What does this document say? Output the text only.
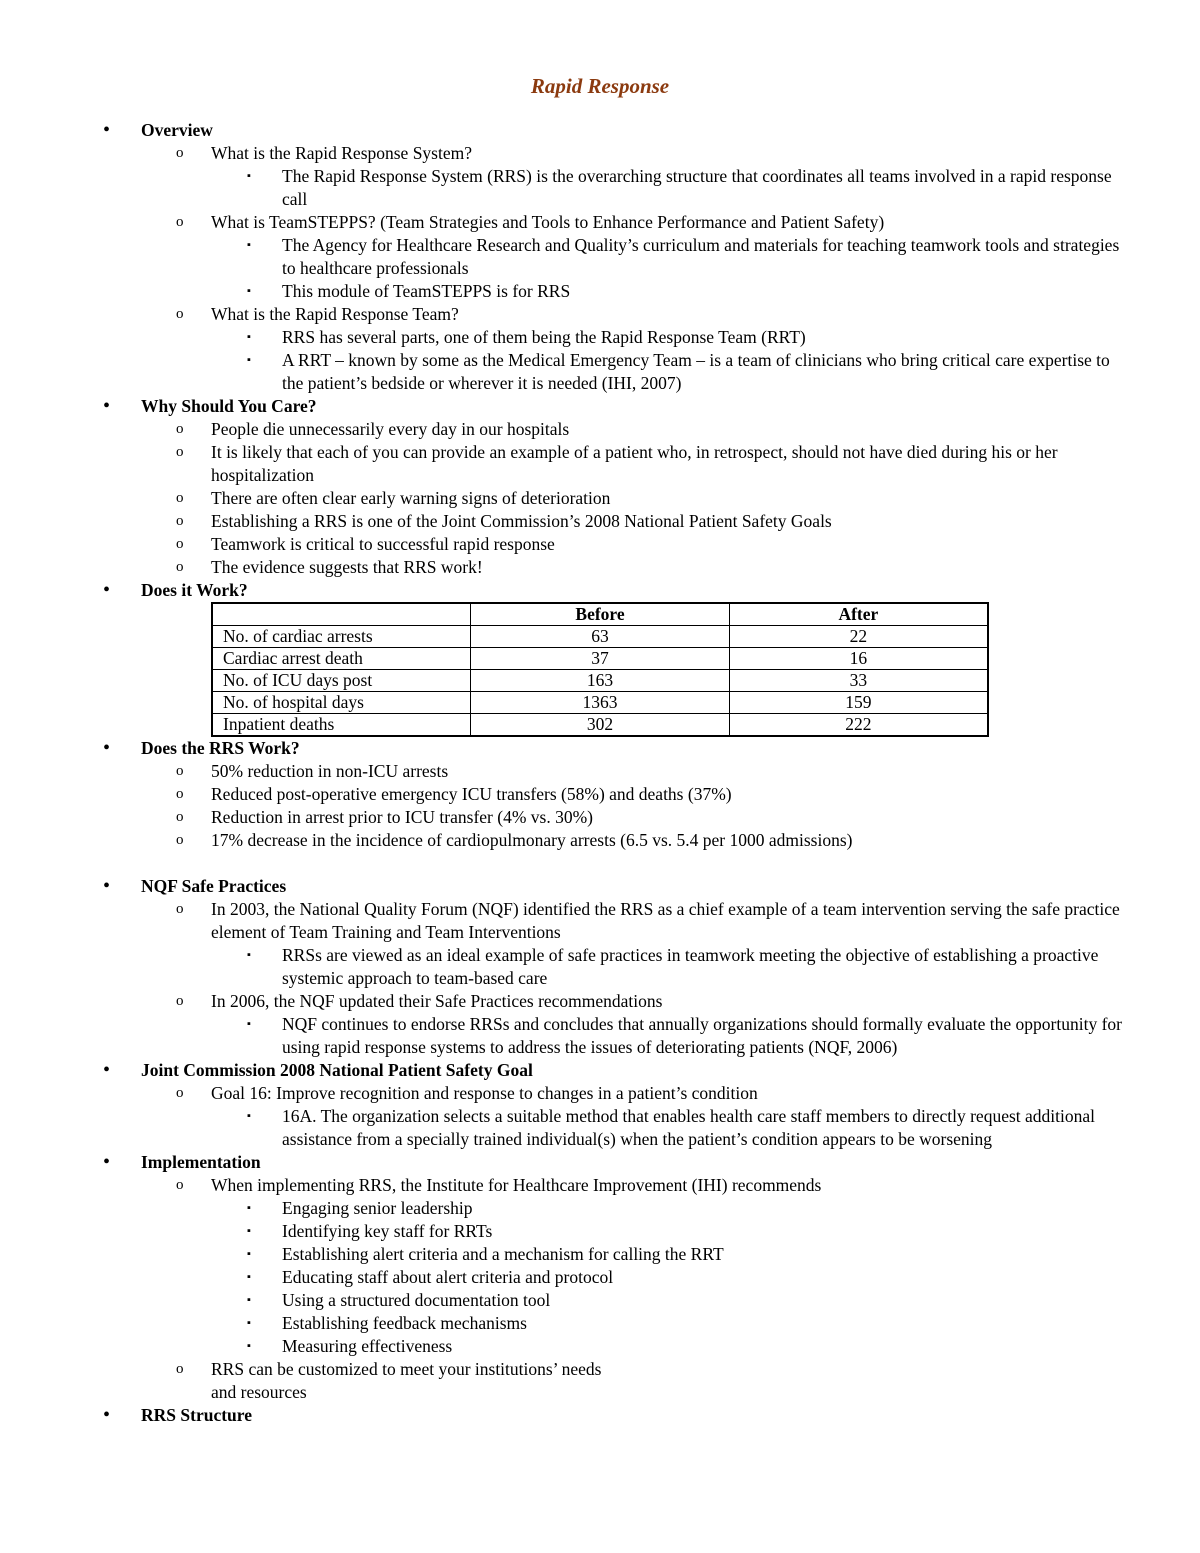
Rapid Response
• Overview
o What is the Rapid Response System?
▪ The Rapid Response System (RRS) is the overarching structure that coordinates all teams involved in a rapid response call
o What is TeamSTEPPS? (Team Strategies and Tools to Enhance Performance and Patient Safety)
▪ The Agency for Healthcare Research and Quality’s curriculum and materials for teaching teamwork tools and strategies to healthcare professionals
▪ This module of TeamSTEPPS is for RRS
o What is the Rapid Response Team?
▪ RRS has several parts, one of them being the Rapid Response Team (RRT)
▪ A RRT – known by some as the Medical Emergency Team – is a team of clinicians who bring critical care expertise to the patient’s bedside or wherever it is needed (IHI, 2007)
• Why Should You Care?
o People die unnecessarily every day in our hospitals
o It is likely that each of you can provide an example of a patient who, in retrospect, should not have died during his or her hospitalization
o There are often clear early warning signs of deterioration
o Establishing a RRS is one of the Joint Commission’s 2008 National Patient Safety Goals
o Teamwork is critical to successful rapid response
o The evidence suggests that RRS work!
• Does it Work?
	Before	After
No. of cardiac arrests	63	22
Cardiac arrest death	37	16
No. of ICU days post	163	33
No. of hospital days	1363	159
Inpatient deaths	302	222
• Does the RRS Work?
o 50% reduction in non-ICU arrests
o Reduced post-operative emergency ICU transfers (58%) and deaths (37%)
o Reduction in arrest prior to ICU transfer (4% vs. 30%)
o 17% decrease in the incidence of cardiopulmonary arrests (6.5 vs. 5.4 per 1000 admissions)
• NQF Safe Practices
o In 2003, the National Quality Forum (NQF) identified the RRS as a chief example of a team intervention serving the safe practice element of Team Training and Team Interventions
▪ RRSs are viewed as an ideal example of safe practices in teamwork meeting the objective of establishing a proactive systemic approach to team-based care
o In 2006, the NQF updated their Safe Practices recommendations
▪ NQF continues to endorse RRSs and concludes that annually organizations should formally evaluate the opportunity for using rapid response systems to address the issues of deteriorating patients (NQF, 2006)
• Joint Commission 2008 National Patient Safety Goal
o Goal 16: Improve recognition and response to changes in a patient’s condition
▪ 16A. The organization selects a suitable method that enables health care staff members to directly request additional assistance from a specially trained individual(s) when the patient’s condition appears to be worsening
• Implementation
o When implementing RRS, the Institute for Healthcare Improvement (IHI) recommends
▪ Engaging senior leadership
▪ Identifying key staff for RRTs
▪ Establishing alert criteria and a mechanism for calling the RRT
▪ Educating staff about alert criteria and protocol
▪ Using a structured documentation tool
▪ Establishing feedback mechanisms
▪ Measuring effectiveness
o RRS can be customized to meet your institutions’ needs
and resources
• RRS Structure
